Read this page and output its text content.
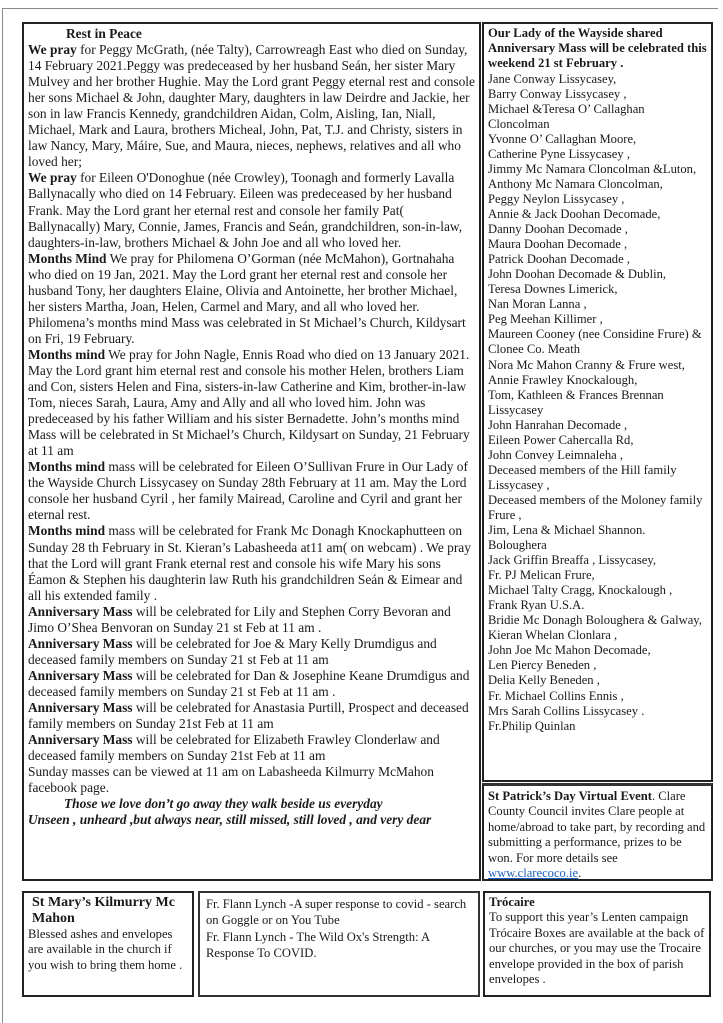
Rest in Peace

We pray for Peggy McGrath, (née Talty), Carrowreagh East who died on Sunday, 14 February 2021.Peggy was predeceased by her husband Seán, her sister Mary Mulvey and her brother Hughie. May the Lord grant Peggy eternal rest and console her sons Michael & John, daughter Mary, daughters in law Deirdre and Jackie, her son in law Francis Kennedy, grandchildren Aidan, Colm, Aisling, Ian, Niall, Michael, Mark and Laura, brothers Micheal, John, Pat, T.J. and Christy, sisters in law Nancy, Mary, Máire, Sue, and Maura, nieces, nephews, relatives and all who loved her;

We pray for Eileen O'Donoghue (née Crowley), Toonagh and formerly Lavalla Ballynacally who died on 14 February. Eileen was predeceased by her husband Frank. May the Lord grant her eternal rest and console her family Pat( Ballynacally) Mary, Connie, James, Francis and Seán, grandchildren, son-in-law, daughters-in-law, brothers Michael & John Joe and all who loved her.

Months Mind We pray for Philomena O’Gorman (née McMahon), Gortnahaha who died on 19 Jan, 2021. May the Lord grant her eternal rest and console her husband Tony, her daughters Elaine, Olivia and Antoinette, her brother Michael, her sisters Martha, Joan, Helen, Carmel and Mary, and all who loved her. Philomena’s months mind Mass was celebrated in St Michael’s Church, Kildysart on Fri, 19 February.

Months mind We pray for John Nagle, Ennis Road who died on 13 January 2021. May the Lord grant him eternal rest and console his mother Helen, brothers Liam and Con, sisters Helen and Fina, sisters-in-law Catherine and Kim, brother-in-law Tom, nieces Sarah, Laura, Amy and Ally and all who loved him. John was predeceased by his father William and his sister Bernadette. John’s months mind Mass will be celebrated in St Michael’s Church, Kildysart on Sunday, 21 February at 11 am

Months mind mass will be celebrated for Eileen O’Sullivan Frure in Our Lady of the Wayside Church Lissycasey on Sunday 28th February at 11 am. May the Lord console her husband Cyril , her family Mairead, Caroline and Cyril and grant her eternal rest.

Months mind mass will be celebrated for Frank Mc Donagh Knockaphutteen on Sunday 28 th February in St. Kieran’s Labasheeda at11 am( on webcam) . We pray that the Lord will grant Frank eternal rest and console his wife Mary his sons Éamon & Stephen his daughterin law Ruth his grandchildren Seán & Eimear and all his extended family .

Anniversary Mass will be celebrated for Lily and Stephen Corry Bevoran and Jimo O’Shea Benvoran on Sunday 21 st Feb at 11 am .

Anniversary Mass will be celebrated for Joe & Mary Kelly Drumdigus and deceased family members on Sunday 21 st Feb at 11 am

Anniversary Mass will be celebrated for Dan & Josephine Keane Drumdigus and deceased family members on Sunday 21 st Feb at 11 am .

Anniversary Mass will be celebrated for Anastasia Purtill, Prospect and deceased family members on Sunday 21st Feb at 11 am

Anniversary Mass will be celebrated for Elizabeth Frawley Clonderlaw and deceased family members on Sunday 21st Feb at 11 am

Sunday masses can be viewed at 11 am on Labasheeda Kilmurry McMahon facebook page.

Those we love don’t go away they walk beside us everyday

Unseen , unheard ,but always near, still missed, still loved , and very dear

Our Lady of the Wayside shared Anniversary Mass will be celebrated this weekend 21 st February .
Jane Conway Lissycasey,
Barry Conway Lissycasey ,
Michael &Teresa O’ Callaghan Cloncolman
Yvonne O’ Callaghan Moore,
Catherine Pyne Lissycasey ,
Jimmy Mc Namara Cloncolman &Luton,
Anthony Mc Namara Cloncolman,
Peggy Neylon Lissycasey ,
Annie & Jack Doohan Decomade,
Danny Doohan Decomade ,
Maura Doohan Decomade ,
Patrick Doohan Decomade ,
John Doohan Decomade & Dublin,
Teresa Downes Limerick,
Nan Moran Lanna ,
Peg Meehan Killimer ,
Maureen Cooney (nee Considine Frure) & Clonee Co. Meath
Nora Mc Mahon Cranny & Frure west,
Annie Frawley Knockalough,
Tom, Kathleen & Frances Brennan Lissycasey
John Hanrahan Decomade ,
Eileen Power Cahercalla Rd,
John Convey Leimnaleha ,
Deceased members of the Hill family Lissycasey ,
Deceased members of the Moloney family Frure ,
Jim, Lena & Michael Shannon. Boloughera
Jack Griffin Breaffa , Lissycasey,
Fr. PJ Melican Frure,
Michael Talty Cragg, Knockalough ,
Frank Ryan U.S.A.
Bridie Mc Donagh Boloughera & Galway,
Kieran Whelan Clonlara ,
John Joe Mc Mahon Decomade,
Len Piercy Beneden ,
Delia Kelly Beneden ,
Fr. Michael Collins Ennis ,
Mrs Sarah Collins Lissycasey .
Fr.Philip Quinlan
St Patrick’s Day Virtual Event. Clare County Council invites Clare people at home/abroad to take part, by recording and submitting a performance, prizes to be won. For more details see www.clarecoco.ie.
St Mary’s Kilmurry Mc Mahon
Blessed ashes and envelopes are available in the church if you wish to bring them home .
Fr. Flann Lynch -A super response to covid - search on Goggle or on You Tube
Fr. Flann Lynch - The Wild Ox's Strength: A Response To COVID.
Trócaire
To support this year’s Lenten campaign Trócaire Boxes are available at the back of our churches, or you may use the Trocaire envelope provided in the box of parish envelopes .
